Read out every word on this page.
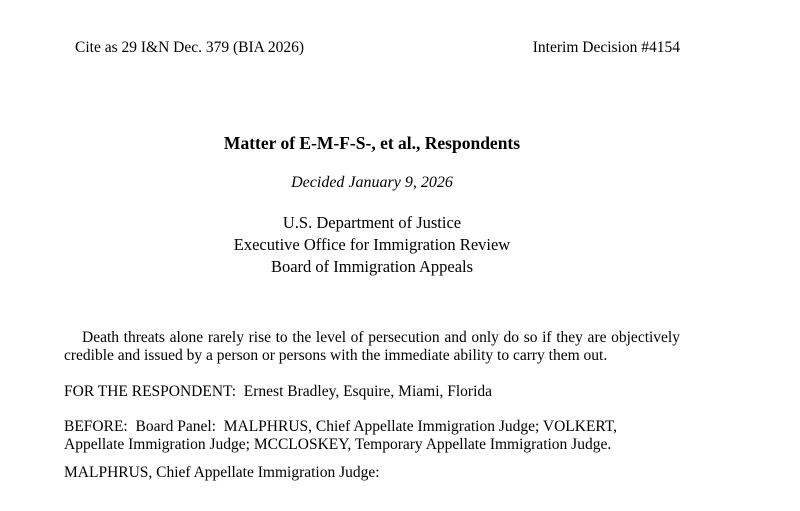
Cite as 29 I&N Dec. 379 (BIA 2026)	Interim Decision #4154
Matter of E-M-F-S-, et al., Respondents
Decided January 9, 2026
U.S. Department of Justice
Executive Office for Immigration Review
Board of Immigration Appeals

Death threats alone rarely rise to the level of persecution and only do so if they are objectively credible and issued by a person or persons with the immediate ability to carry them out.

FOR THE RESPONDENT:  Ernest Bradley, Esquire, Miami, Florida
BEFORE:  Board Panel:  MALPHRUS, Chief Appellate Immigration Judge; VOLKERT, Appellate Immigration Judge; MCCLOSKEY, Temporary Appellate Immigration Judge.
MALPHRUS, Chief Appellate Immigration Judge:
